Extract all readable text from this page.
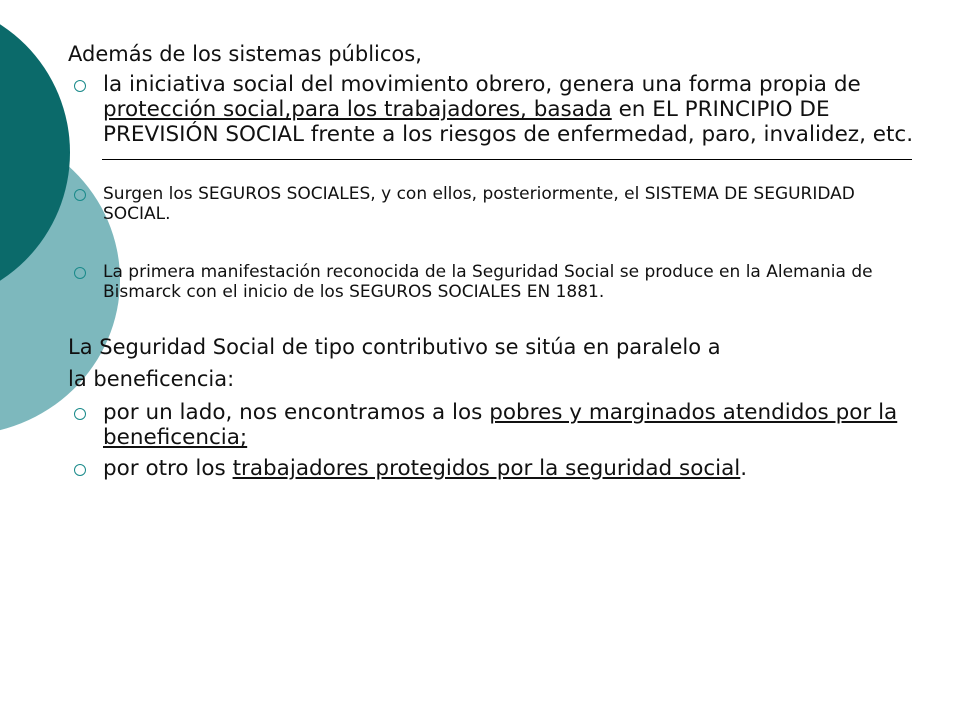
Además de los sistemas públicos,

la iniciativa social del movimiento obrero, genera una forma propia de protección social,para los trabajadores, basada en EL PRINCIPIO DE PREVISIÓN SOCIAL frente a los riesgos de enfermedad, paro, invalidez, etc.
Surgen los SEGUROS SOCIALES, y con ellos, posteriormente, el SISTEMA DE SEGURIDAD SOCIAL.
La primera manifestación reconocida de la Seguridad Social se produce en la Alemania de Bismarck con el inicio de los SEGUROS SOCIALES EN 1881.

La Seguridad Social de tipo contributivo se sitúa en paralelo a

la beneficencia:

por un lado, nos encontramos a los pobres y marginados atendidos por la beneficencia;
por otro los trabajadores protegidos por la seguridad social.
